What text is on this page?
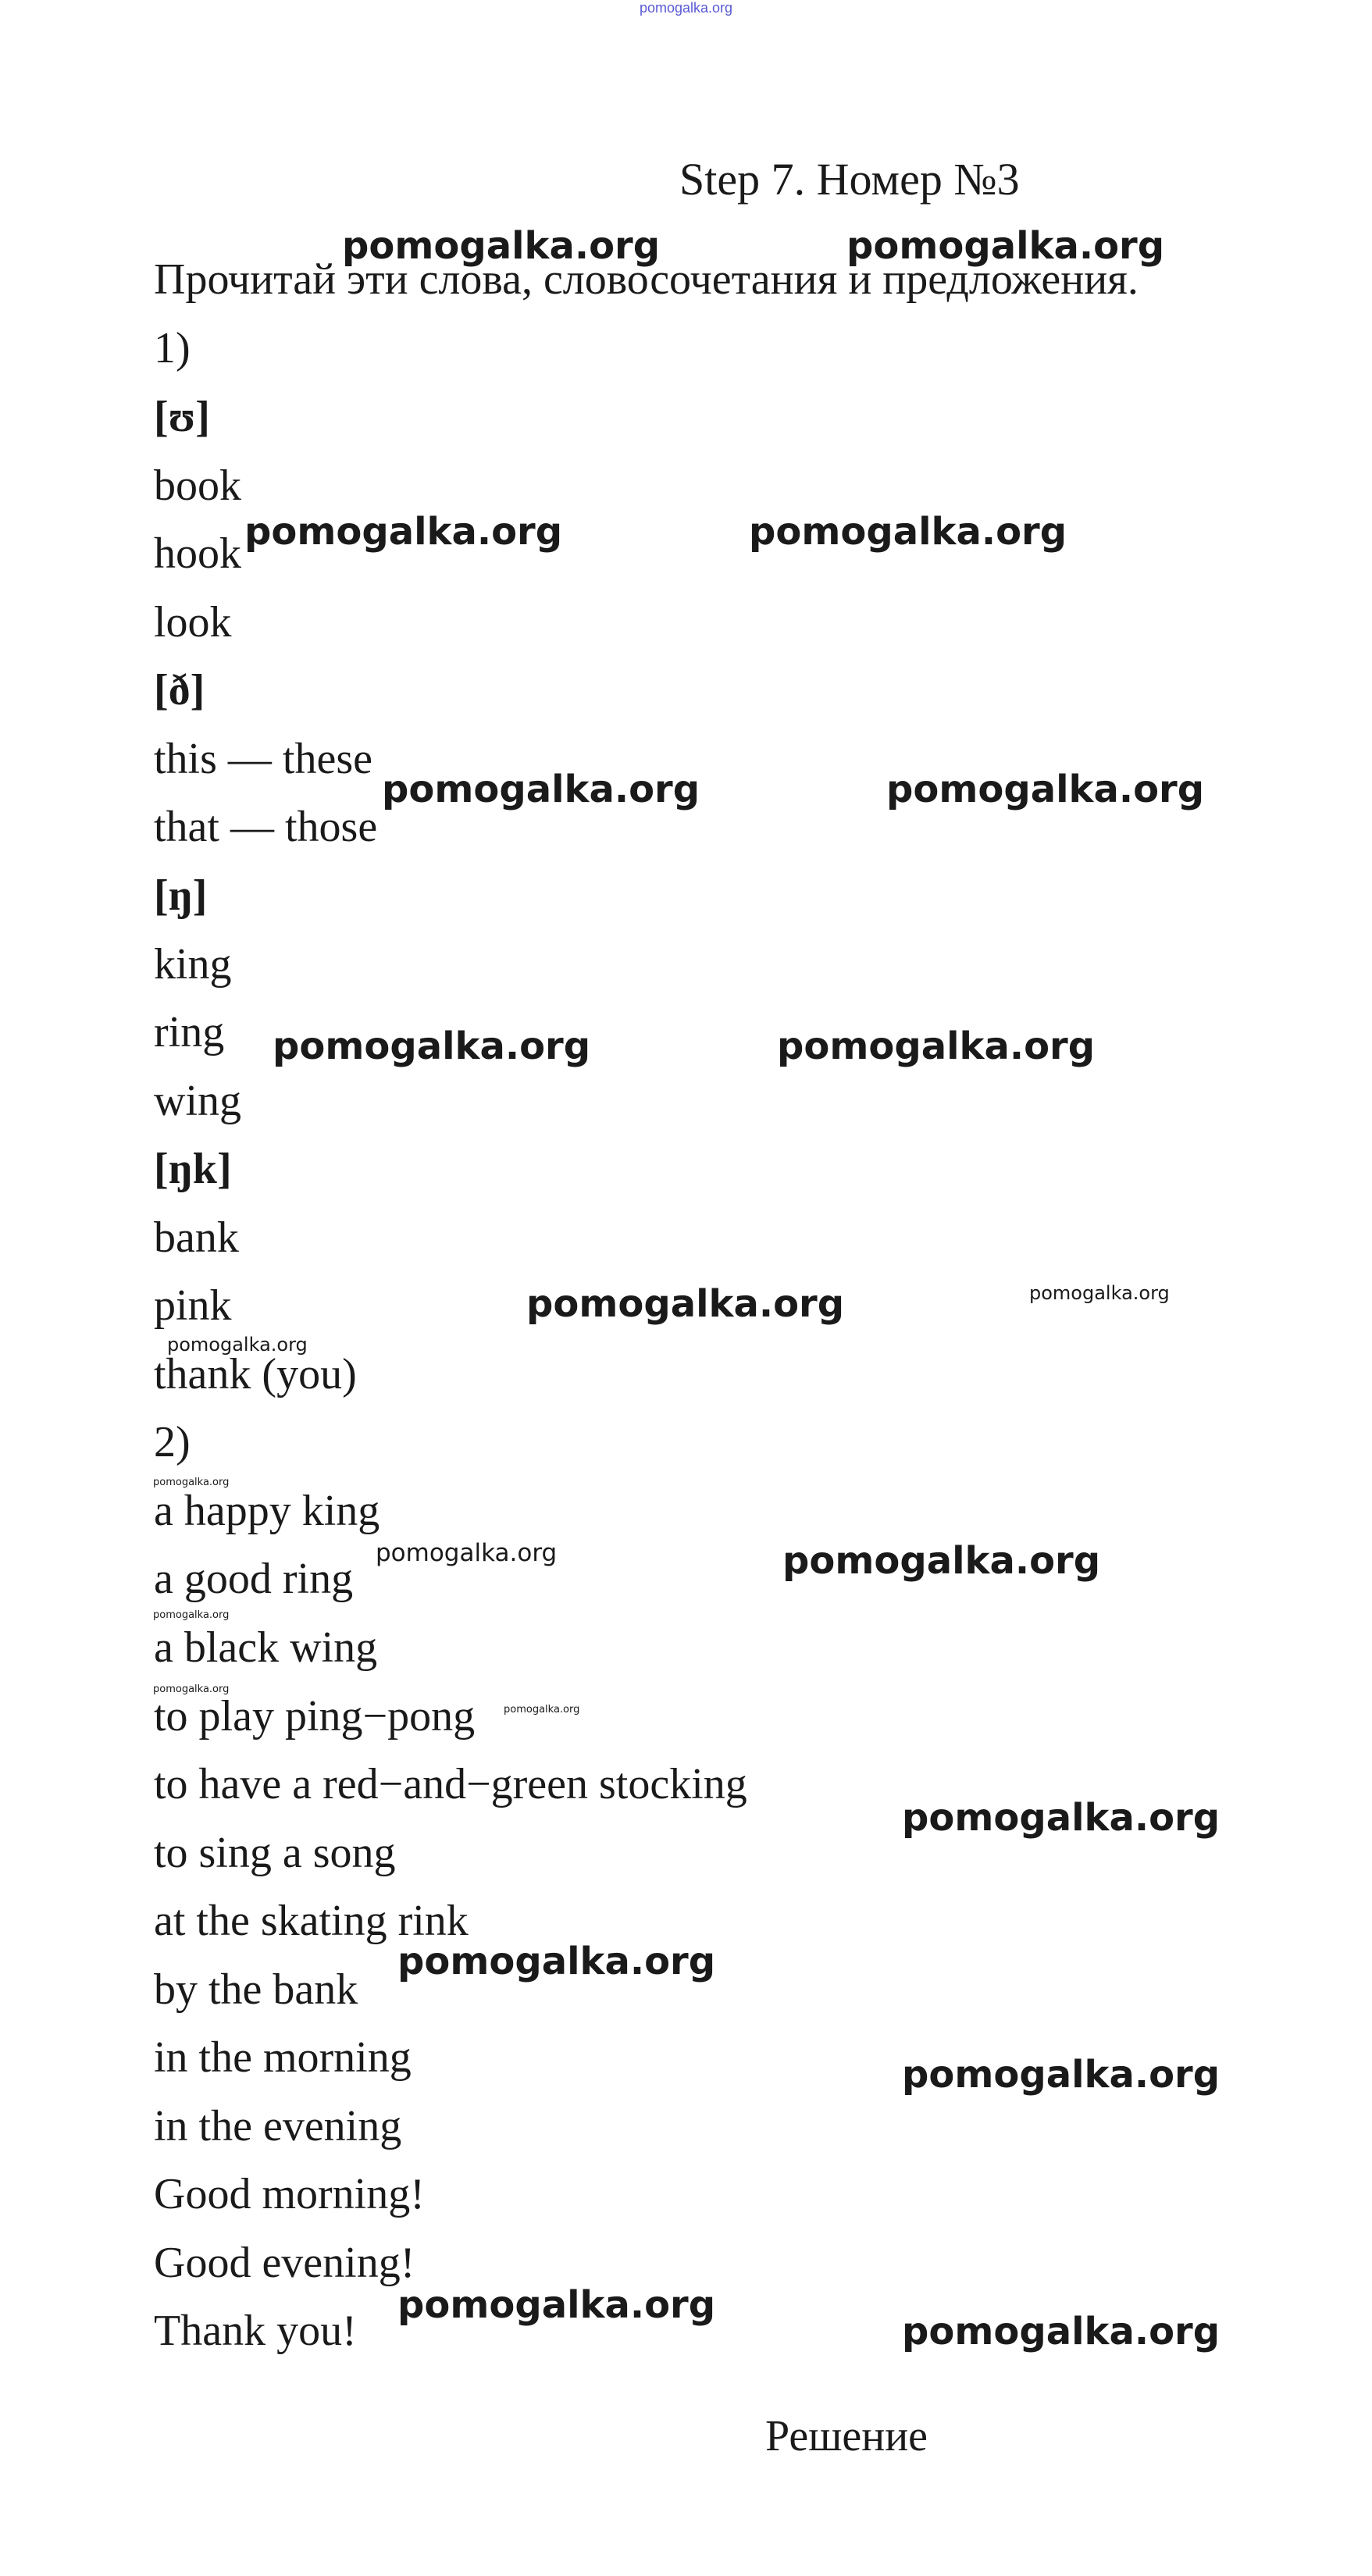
pomogalka.org
Step 7. Номер №3
Прочитай эти слова, словосочетания и предложения.
1)
[ʊ]
book
hook
look
[ð]
this — these
that — those
[ŋ]
king
ring
wing
[ŋk]
bank
pink
thank (you)
2)
a happy king
a good ring
a black wing
to play ping−pong
to have a red−and−green stocking
to sing a song
at the skating rink
by the bank
in the morning
in the evening
Good morning!
Good evening!
Thank you!
Решение
pomogalka.org	pomogalka.org
pomogalka.org	pomogalka.org
pomogalka.org	pomogalka.org
pomogalka.org	pomogalka.org
pomogalka.org	pomogalka.org
pomogalka.org
pomogalka.org
pomogalka.org	pomogalka.org
pomogalka.org
pomogalka.org
pomogalka.org
pomogalka.org
pomogalka.org
pomogalka.org
pomogalka.org
pomogalka.org
